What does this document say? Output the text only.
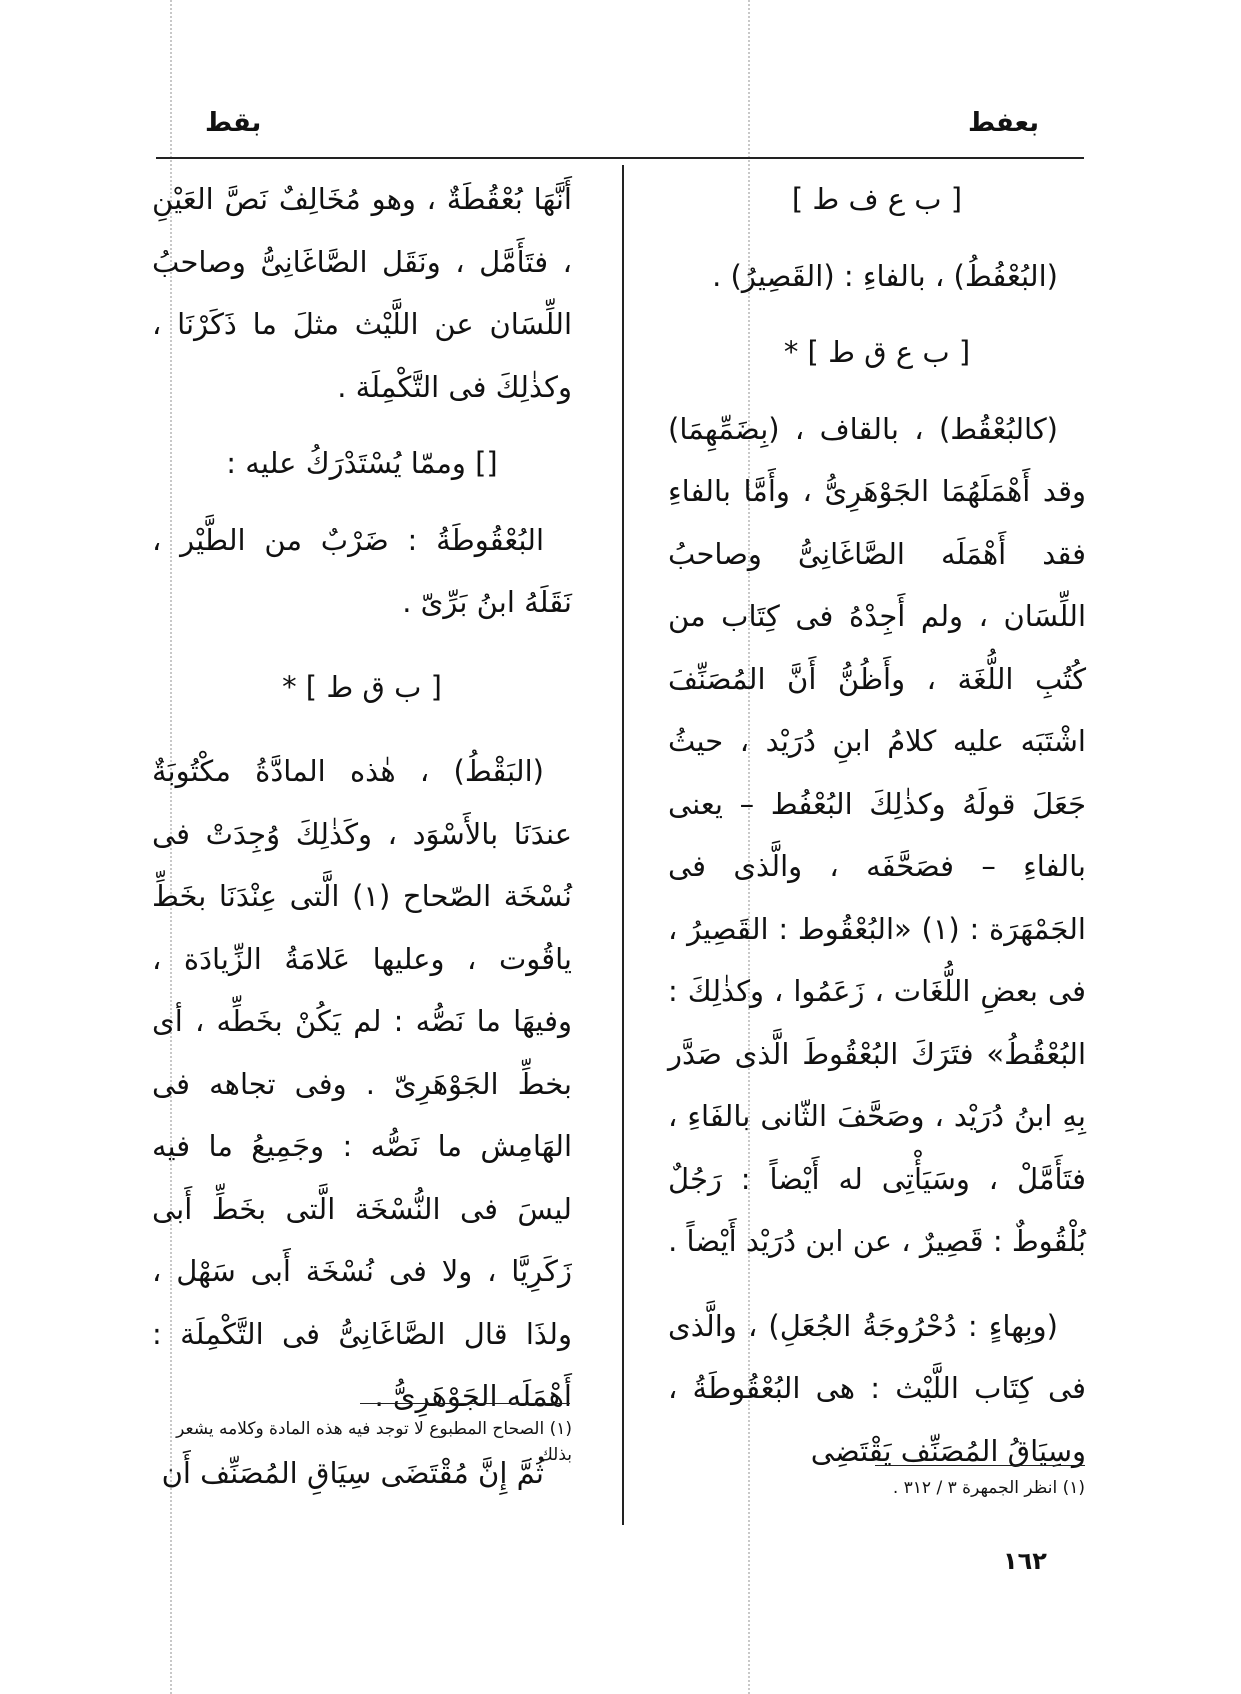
بعفط
بقط

[ ب ع ف ط ]

(البُعْفُطُ) ، بالفاءِ : (القَصِيرُ) .

[ ب ع ق ط ] *

(كالبُعْقُط) ، بالقاف ، (بِضَمِّهِمَا) وقد أَهْمَلَهُمَا الجَوْهَرِىُّ ، وأَمَّا بالفاءِ فقد أَهْمَلَه الصَّاغَانِىُّ وصاحبُ اللِّسَان ، ولم أَجِدْهُ فى كِتَاب من كُتُبِ اللُّغَة ، وأَظُنُّ أَنَّ المُصَنِّفَ اشْتَبَه عليه كلامُ ابنِ دُرَيْد ، حيثُ جَعَلَ قولَهُ وكذٰلِكَ البُعْفُط – يعنى بالفاءِ – فصَحَّفَه ، والَّذى فى الجَمْهَرَة : (١) «البُعْقُوط : القَصِيرُ ، فى بعضِ اللُّغَات ، زَعَمُوا ، وكذٰلِكَ : البُعْقُطُ» فتَرَكَ البُعْقُوطَ الَّذى صَدَّر بِهِ ابنُ دُرَيْد ، وصَحَّفَ الثّانى بالفَاءِ ، فتَأَمَّلْ ، وسَيَأْتِى له أَيْضاً : رَجُلٌ بُلْقُوطٌ : قَصِيرٌ ، عن ابن دُرَيْد أَيْضاً .

(وبِهاءٍ : دُحْرُوجَةُ الجُعَلِ) ، والَّذى فى كِتَاب اللَّيْث : هى البُعْقُوطَةُ ، وسِيَاقُ المُصَنِّف يَقْتَضِى

(١) انظر الجمهرة ٣ / ٣١٢ .

أَنَّهَا بُعْقُطَةٌ ، وهو مُخَالِفٌ نَصَّ العَيْنِ ، فتَأَمَّل ، ونَقَل الصَّاغَانِىُّ وصاحبُ اللِّسَان عن اللَّيْث مثلَ ما ذَكَرْنَا ، وكذٰلِكَ فى التَّكْمِلَة .

[] وممّا يُسْتَدْرَكُ عليه :

البُعْقُوطَةُ : ضَرْبٌ من الطَّيْر ، نَقَلَهُ ابنُ بَرِّىّ .

[ ب ق ط ] *

(البَقْطُ) ، هٰذه المادَّةُ مكْتُوبَةٌ عندَنَا بالأَسْوَد ، وكَذٰلِكَ وُجِدَتْ فى نُسْخَة الصّحاح (١) الَّتى عِنْدَنَا بخَطِّ ياقُوت ، وعليها عَلامَةُ الزِّيادَة ، وفيهَا ما نَصُّه : لم يَكُنْ بخَطِّه ، أى بخطِّ الجَوْهَرِىّ . وفى تجاهه فى الهَامِش ما نَصُّه : وجَمِيعُ ما فيه ليسَ فى النُّسْخَة الَّتى بخَطِّ أَبى زَكَرِيَّا ، ولا فى نُسْخَة أَبى سَهْل ، ولذَا قال الصَّاغَانِىُّ فى التَّكْمِلَة : أَهْمَلَه الجَوْهَرِىُّ .

ثُمَّ إِنَّ مُقْتَضَى سِيَاقِ المُصَنِّف أَن

(١) الصحاح المطبوع لا توجد فيه هذه المادة وكلامه يشعر بذلك .
١٦٢
